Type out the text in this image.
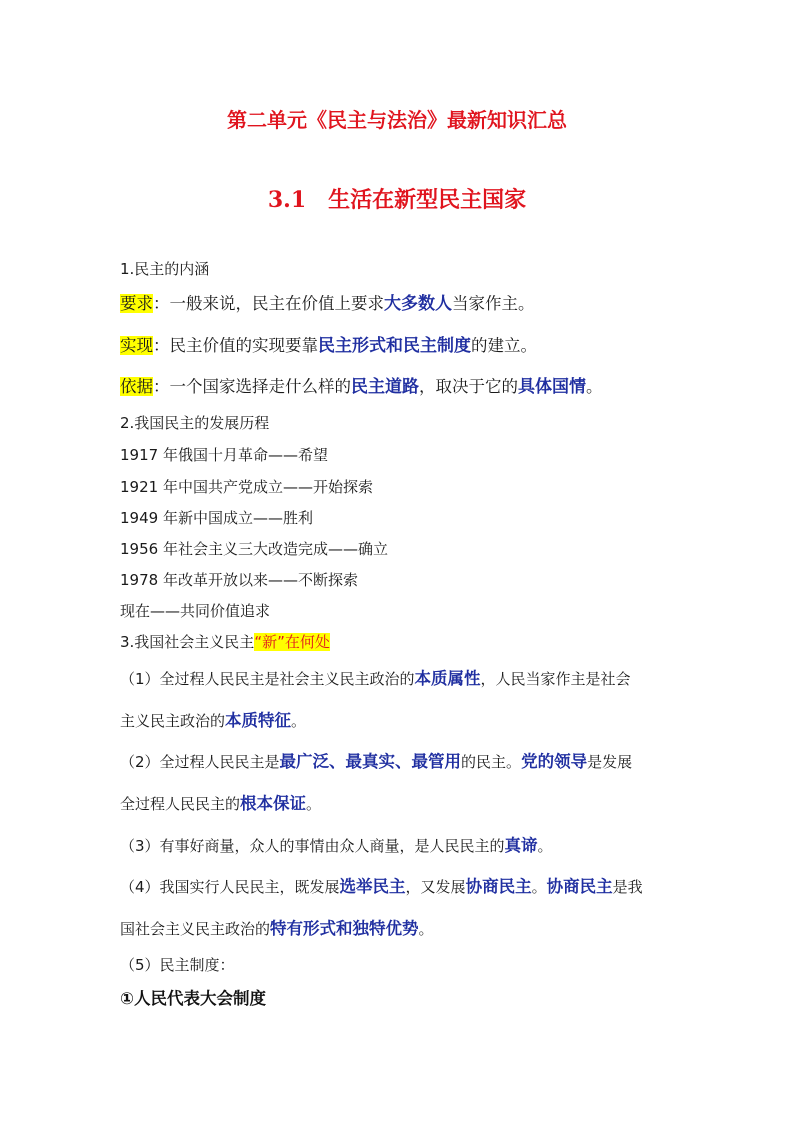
第二单元《民主与法治》最新知识汇总
3.1　生活在新型民主国家
1.民主的内涵
要求：一般来说，民主在价值上要求大多数人当家作主。
实现：民主价值的实现要靠民主形式和民主制度的建立。
依据：一个国家选择走什么样的民主道路，取决于它的具体国情。
2.我国民主的发展历程
1917 年俄国十月革命——希望
1921 年中国共产党成立——开始探索
1949 年新中国成立——胜利
1956 年社会主义三大改造完成——确立
1978 年改革开放以来——不断探索
现在——共同价值追求
3.我国社会主义民主“新”在何处
（1）全过程人民民主是社会主义民主政治的本质属性，人民当家作主是社会
主义民主政治的本质特征。
（2）全过程人民民主是最广泛、最真实、最管用的民主。党的领导是发展
全过程人民民主的根本保证。
（3）有事好商量，众人的事情由众人商量，是人民民主的真谛。
（4）我国实行人民民主，既发展选举民主，又发展协商民主。协商民主是我
国社会主义民主政治的特有形式和独特优势。
（5）民主制度：
①人民代表大会制度
